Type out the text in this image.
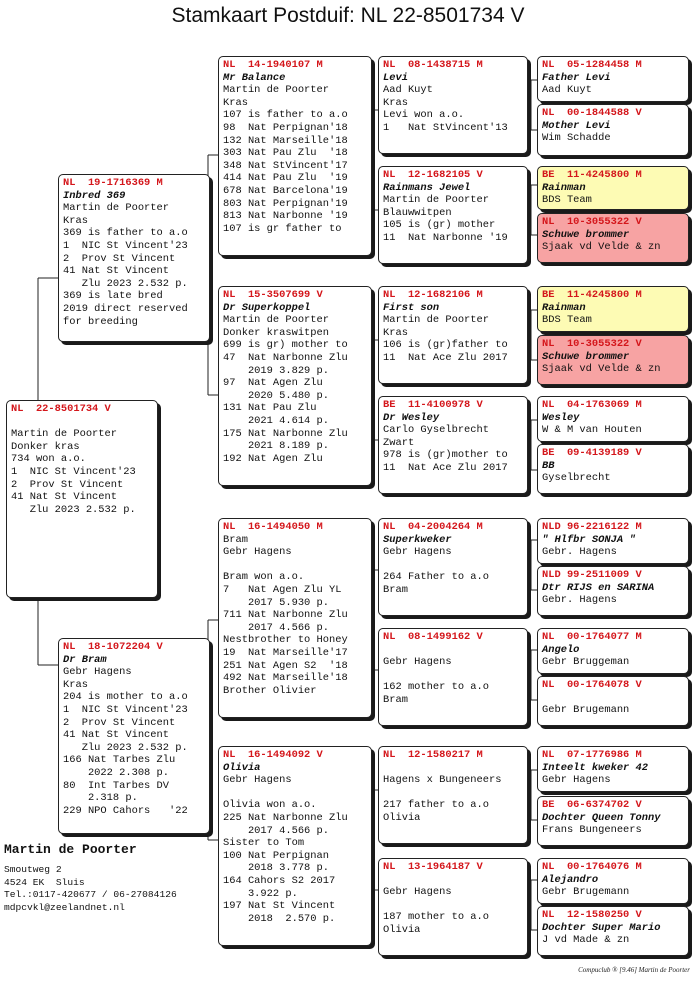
Stamkaart Postduif: NL 22-8501734 V
NL  22-8501734 V
Martin de Poorter
Donker kras
734 won a.o.
1  NIC St Vincent'23
2  Prov St Vincent
41 Nat St Vincent
Zlu 2023 2.532 p.
NL  19-1716369 M
Inbred 369
Martin de Poorter
Kras
369 is father to a.o
1  NIC St Vincent'23
2  Prov St Vincent
41 Nat St Vincent
Zlu 2023 2.532 p.
369 is late bred
2019 direct reserved
for breeding
NL  18-1072204 V
Dr Bram
Gebr Hagens
Kras
204 is mother to a.o
1  NIC St Vincent'23
2  Prov St Vincent
41 Nat St Vincent
Zlu 2023 2.532 p.
166 Nat Tarbes Zlu
2022 2.308 p.
80  Int Tarbes DV
2.318 p.
229 NPO Cahors   '22
NL  14-1940107 M
Mr Balance
Martin de Poorter
Kras
107 is father to a.o
98  Nat Perpignan'18
132 Nat Marseille'18
303 Nat Pau Zlu  '18
348 Nat StVincent'17
414 Nat Pau Zlu  '19
678 Nat Barcelona'19
803 Nat Perpignan'19
813 Nat Narbonne '19
107 is gr father to
NL  15-3507699 V
Dr Superkoppel
Martin de Poorter
Donker kraswitpen
699 is gr) mother to
47  Nat Narbonne Zlu
2019 3.829 p.
97  Nat Agen Zlu
2020 5.480 p.
131 Nat Pau Zlu
2021 4.614 p.
175 Nat Narbonne Zlu
2021 8.189 p.
192 Nat Agen Zlu
NL  16-1494050 M
Bram
Gebr Hagens
Bram won a.o.
7   Nat Agen Zlu YL
2017 5.930 p.
711 Nat Narbonne Zlu
2017 4.566 p.
Nestbrother to Honey
19  Nat Marseille'17
251 Nat Agen S2  '18
492 Nat Marseille'18
Brother Olivier
NL  16-1494092 V
Olivia
Gebr Hagens
Olivia won a.o.
225 Nat Narbonne Zlu
2017 4.566 p.
Sister to Tom
100 Nat Perpignan
2018 3.778 p.
164 Cahors S2 2017
3.922 p.
197 Nat St Vincent
2018  2.570 p.
NL  08-1438715 M
Levi
Aad Kuyt
Kras
Levi won a.o.
1   Nat StVincent'13
NL  12-1682105 V
Rainmans Jewel
Martin de Poorter
Blauwwitpen
105 is (gr) mother
11  Nat Narbonne '19
NL  12-1682106 M
First son
Martin de Poorter
Kras
106 is (gr)father to
11  Nat Ace Zlu 2017
BE  11-4100978 V
Dr Wesley
Carlo Gyselbrecht
Zwart
978 is (gr)mother to
11  Nat Ace Zlu 2017
NL  04-2004264 M
Superkweker
Gebr Hagens
264 Father to a.o
Bram
NL  08-1499162 V
Gebr Hagens
162 mother to a.o
Bram
NL  12-1580217 M
Hagens x Bungeneers
217 father to a.o
Olivia
NL  13-1964187 V
Gebr Hagens
187 mother to a.o
Olivia
NL  05-1284458 M
Father Levi
Aad Kuyt
NL  00-1844588 V
Mother Levi
Wim Schadde
BE  11-4245800 M
Rainman
BDS Team
NL  10-3055322 V
Schuwe brommer
Sjaak vd Velde & zn
BE  11-4245800 M
Rainman
BDS Team
NL  10-3055322 V
Schuwe brommer
Sjaak vd Velde & zn
NL  04-1763069 M
Wesley
W & M van Houten
BE  09-4139189 V
BB
Gyselbrecht
NLD 96-2216122 M
" Hlfbr SONJA "
Gebr. Hagens
NLD 99-2511009 V
Dtr RIJS en SARINA
Gebr. Hagens
NL  00-1764077 M
Angelo
Gebr Bruggeman
NL  00-1764078 V
Gebr Brugemann
NL  07-1776986 M
Inteelt kweker 42
Gebr Hagens
BE  06-6374702 V
Dochter Queen Tonny
Frans Bungeneers
NL  00-1764076 M
Alejandro
Gebr Brugemann
NL  12-1580250 V
Dochter Super Mario
J vd Made & zn
Martin de Poorter
Smoutweg 2
4524 EK  Sluis
Tel.:0117-420677 / 06-27084126
mdpcvkl@zeelandnet.nl
Compuclub ® [9.46] Martin de Poorter
